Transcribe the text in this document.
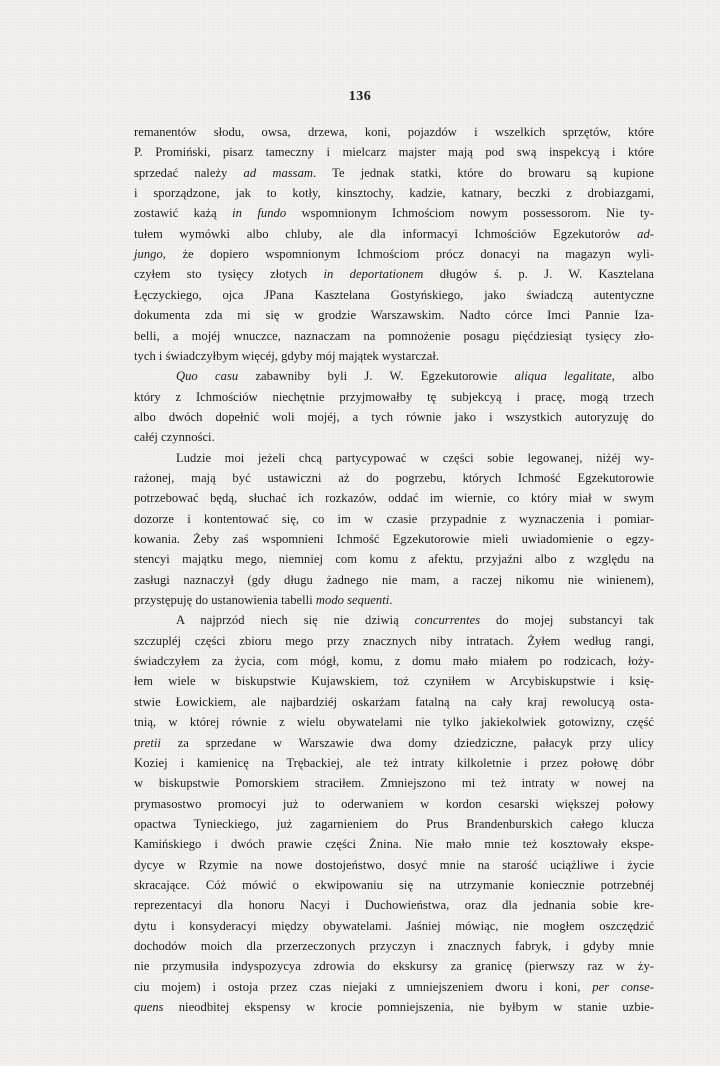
136
remanentów słodu, owsa, drzewa, koni, pojazdów i wszelkich sprzętów, które
P. Promiński, pisarz tameczny i mielcarz majster mają pod swą inspekcyą i które
sprzedać należy ad massam. Te jednak statki, które do browaru są kupione
i sporządzone, jak to kotły, kinsztochy, kadzie, katnary, beczki z drobiazgami,
zostawić każą in fundo wspomnionym Ichmościom nowym possessorom. Nie ty-
tułem wymówki albo chluby, ale dla informacyi Ichmościów Egzekutorów ad-
jungo, że dopiero wspomnionym Ichmościom prócz donacyi na magazyn wyli-
czyłem sto tysięcy złotych in deportationem długów ś. p. J. W. Kasztelana
Łęczyckiego, ojca JPana Kasztelana Gostyńskiego, jako świadczą autentyczne
dokumenta zda mi się w grodzie Warszawskim. Nadto córce Imci Pannie Iza-
belli, a mojéj wnuczce, naznaczam na pomnożenie posagu pięćdziesiąt tysięcy zło-
tych i świadczyłbym więcéj, gdyby mój majątek wystarczał.
Quo casu zabawniby byli J. W. Egzekutorowie aliqua legalitate, albo
który z Ichmościów niechętnie przyjmowałby tę subjekcyą i pracę, mogą trzech
albo dwóch dopełnić woli mojéj, a tych równie jako i wszystkich autoryzuję do
całéj czynności.
Ludzie moi jeżeli chcą partycypować w części sobie legowanej, niżéj wy-
rażonej, mają być ustawiczni aż do pogrzebu, których Ichmość Egzekutorowie
potrzebować będą, słuchać ich rozkazów, oddać im wiernie, co który miał w swym
dozorze i kontentować się, co im w czasie przypadnie z wyznaczenia i pomiar-
kowania. Żeby zaś wspomnieni Ichmość Egzekutorowie mieli uwiadomienie o egzy-
stencyi majątku mego, niemniej com komu z afektu, przyjaźni albo z względu na
zasługi naznaczył (gdy długu żadnego nie mam, a raczej nikomu nie winienem),
przystępuję do ustanowienia tabelli modo sequenti.
A najprzód niech się nie dziwią concurrentes do mojej substancyi tak
szczupléj części zbioru mego przy znacznych niby intratach. Żyłem według rangi,
świadczyłem za życia, com mógł, komu, z domu mało miałem po rodzicach, łoży-
łem wiele w biskupstwie Kujawskiem, toż czyniłem w Arcybiskupstwie i księ-
stwie Łowickiem, ale najbardziéj oskarżam fatalną na cały kraj rewolucyą osta-
tnią, w której równie z wielu obywatelami nie tylko jakiekolwiek gotowizny, część
pretii za sprzedane w Warszawie dwa domy dziedziczne, pałacyk przy ulicy
Koziej i kamienicę na Trębackiej, ale też intraty kilkoletnie i przez połowę dóbr
w biskupstwie Pomorskiem straciłem. Zmniejszono mi też intraty w nowej na
prymasostwo promocyi już to oderwaniem w kordon cesarski większej połowy
opactwa Tynieckiego, już zagarnieniem do Prus Brandenburskich całego klucza
Kamińskiego i dwóch prawie części Żnina. Nie mało mnie też kosztowały ekspe-
dycye w Rzymie na nowe dostojeństwo, dosyć mnie na starość uciążliwe i życie
skracające. Cóż mówić o ekwipowaniu się na utrzymanie koniecznie potrzebnéj
reprezentacyi dla honoru Nacyi i Duchowieństwa, oraz dla jednania sobie kre-
dytu i konsyderacyi między obywatelami. Jaśniej mówiąc, nie mogłem oszczędzić
dochodów moich dla przerzeczonych przyczyn i znacznych fabryk, i gdyby mnie
nie przymusiła indyspozycya zdrowia do ekskursy za granicę (pierwszy raz w ży-
ciu mojem) i ostoja przez czas niejaki z umniejszeniem dworu i koni, per conse-
quens nieodbitej ekspensy w krocie pomniejszenia, nie byłbym w stanie uzbie-
